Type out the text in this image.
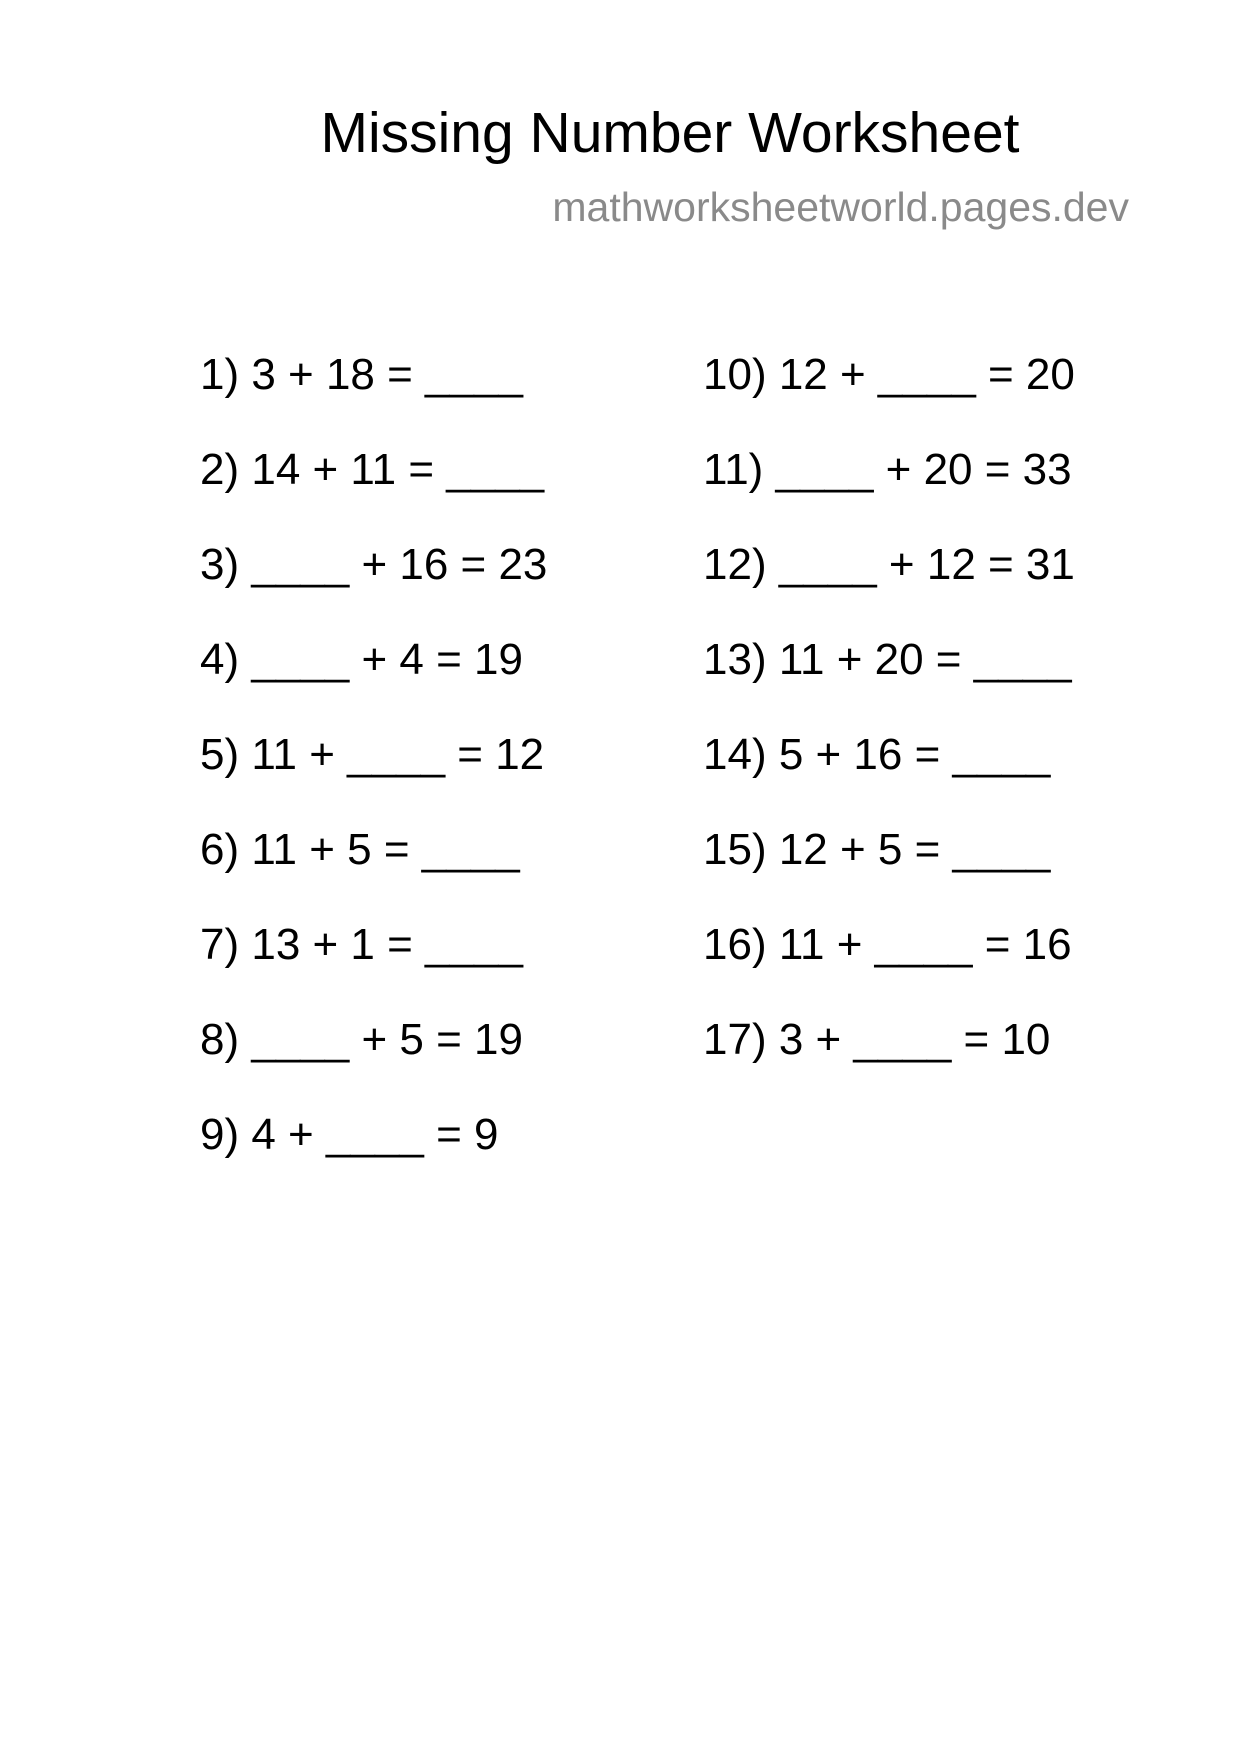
Missing Number Worksheet
mathworksheetworld.pages.dev
1) 3 + 18 = ____
2) 14 + 11 = ____
3) ____ + 16 = 23
4) ____ + 4 = 19
5) 11 + ____ = 12
6) 11 + 5 = ____
7) 13 + 1 = ____
8) ____ + 5 = 19
9) 4 + ____ = 9
10) 12 + ____ = 20
11) ____ + 20 = 33
12) ____ + 12 = 31
13) 11 + 20 = ____
14) 5 + 16 = ____
15) 12 + 5 = ____
16) 11 + ____ = 16
17) 3 + ____ = 10
